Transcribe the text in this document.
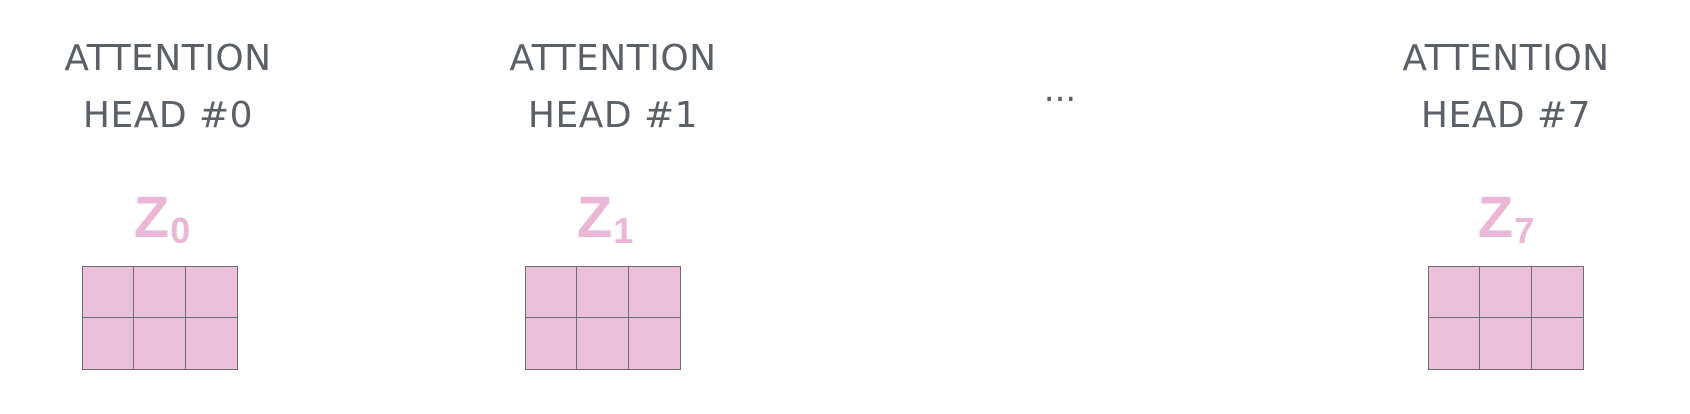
ATTENTION
HEAD #0
$Z_0$
ATTENTION
HEAD #1
$Z_1$
...
ATTENTION
HEAD #7
$Z_7$
